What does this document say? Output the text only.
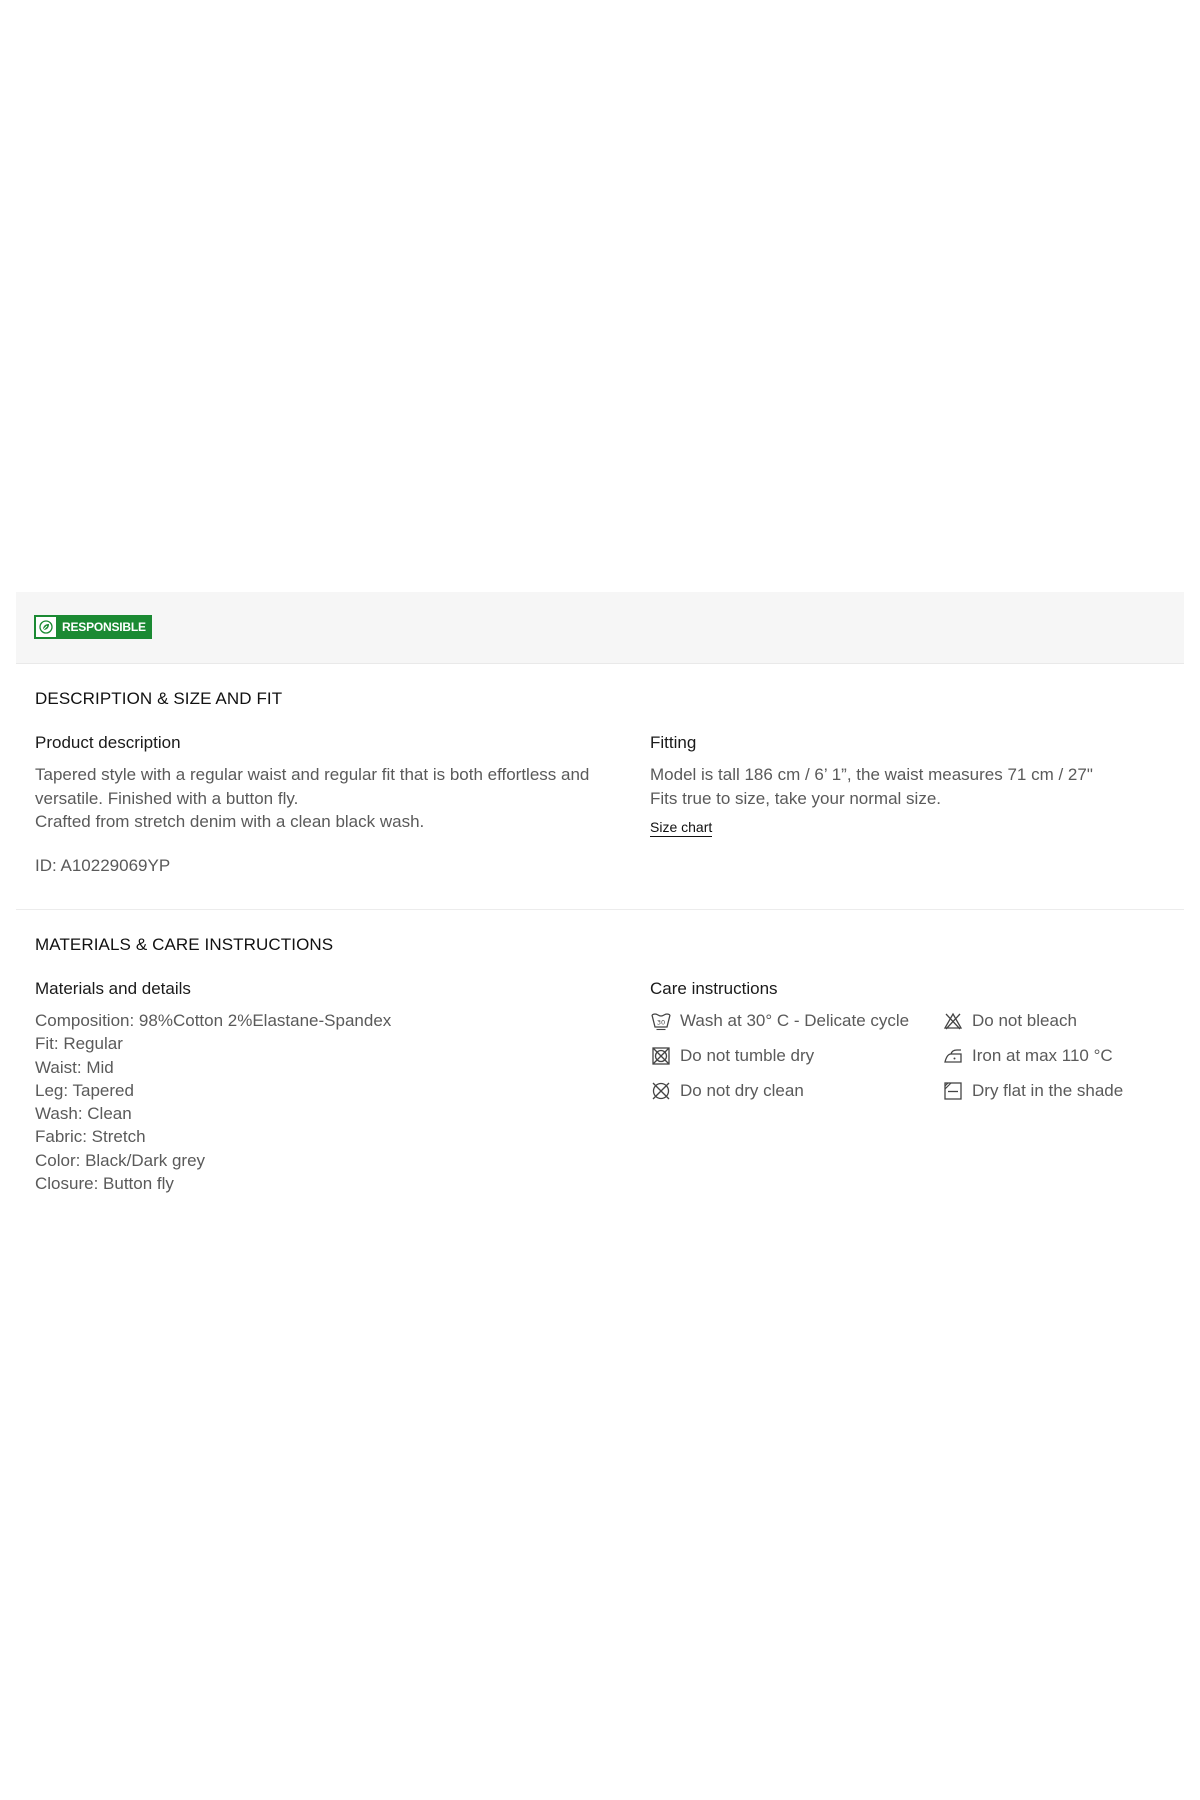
RESPONSIBLE
DESCRIPTION & SIZE AND FIT
Product description

Tapered style with a regular waist and regular fit that is both effortless and
versatile. Finished with a button fly.
Crafted from stretch denim with a clean black wash.

ID: A10229069YP
Fitting

Model is tall 186 cm / 6’ 1”, the waist measures 71 cm / 27"
Fits true to size, take your normal size.

Size chart
MATERIALS & CARE INSTRUCTIONS
Materials and details
Composition: 98%Cotton 2%Elastane-Spandex
Fit: Regular
Waist: Mid
Leg: Tapered
Wash: Clean
Fabric: Stretch
Color: Black/Dark grey
Closure: Button fly
Care instructions
30 Wash at 30° C - Delicate cycle	Do not bleach
Do not tumble dry	Iron at max 110 °C
Do not dry clean	Dry flat in the shade
